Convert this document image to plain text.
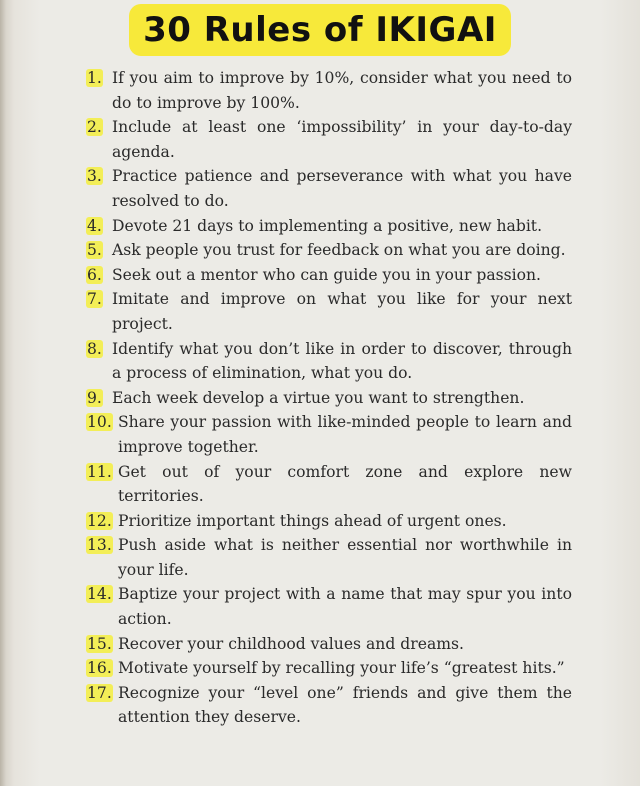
30 Rules of IKIGAI
1. If you aim to improve by 10%, consider what you need to do to improve by 100%.
2. Include at least one ‘impossibility’ in your day-to-day agenda.
3. Practice patience and perseverance with what you have resolved to do.
4. Devote 21 days to implementing a positive, new habit.
5. Ask people you trust for feedback on what you are doing.
6. Seek out a mentor who can guide you in your passion.
7. Imitate and improve on what you like for your next project.
8. Identify what you don’t like in order to discover, through a process of elimination, what you do.
9. Each week develop a virtue you want to strengthen.
10. Share your passion with like-minded people to learn and improve together.
11. Get out of your comfort zone and explore new territories.
12. Prioritize important things ahead of urgent ones.
13. Push aside what is neither essential nor worthwhile in your life.
14. Baptize your project with a name that may spur you into action.
15. Recover your childhood values and dreams.
16. Motivate yourself by recalling your life’s “greatest hits.”
17. Recognize your “level one” friends and give them the attention they deserve.
